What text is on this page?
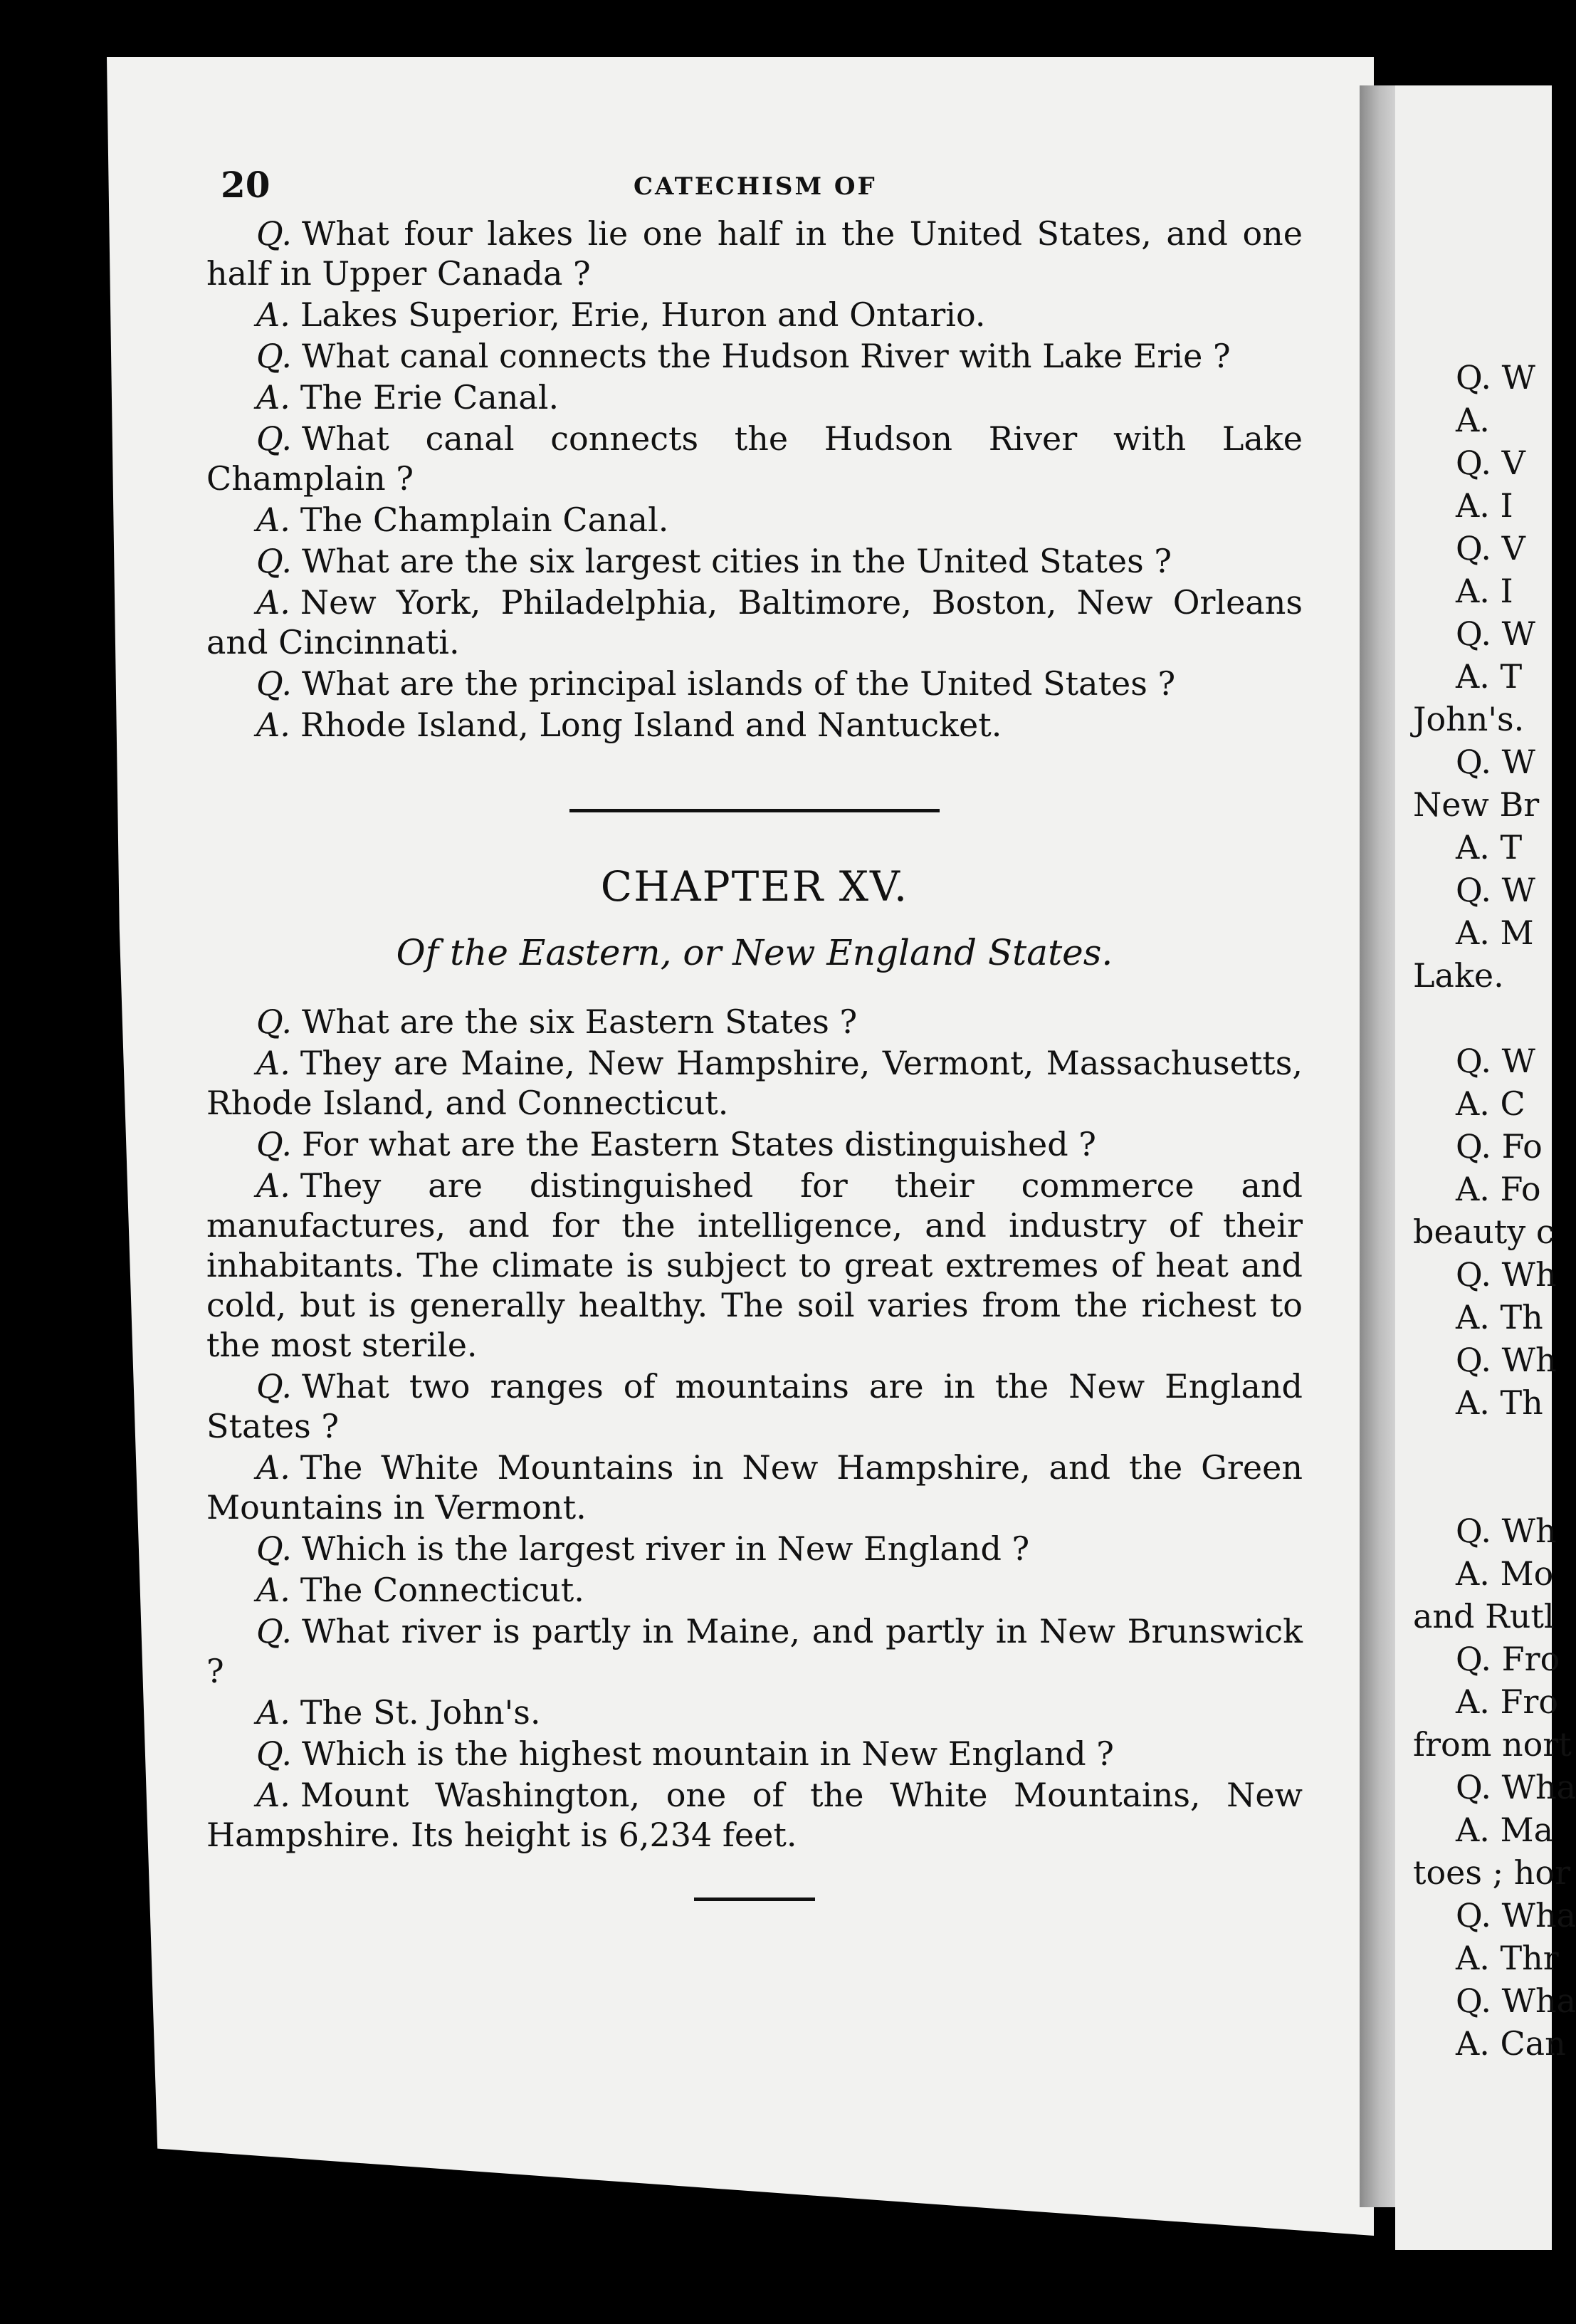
20	CATECHISM OF

Q. What four lakes lie one half in the United States, and one half in Upper Canada ?

A. Lakes Superior, Erie, Huron and Ontario.

Q. What canal connects the Hudson River with Lake Erie ?

A. The Erie Canal.

Q. What canal connects the Hudson River with Lake Champlain ?

A. The Champlain Canal.

Q. What are the six largest cities in the United States ?

A. New York, Philadelphia, Baltimore, Boston, New Orleans and Cincinnati.

Q. What are the principal islands of the United States ?

A. Rhode Island, Long Island and Nantucket.

CHAPTER XV.
Of the Eastern, or New England States.

Q. What are the six Eastern States ?

A. They are Maine, New Hampshire, Vermont, Massachusetts, Rhode Island, and Connecticut.

Q. For what are the Eastern States distinguished ?

A. They are distinguished for their commerce and manufactures, and for the intelligence, and industry of their inhabitants. The climate is subject to great extremes of heat and cold, but is generally healthy. The soil varies from the richest to the most sterile.

Q. What two ranges of mountains are in the New England States ?

A. The White Mountains in New Hampshire, and the Green Mountains in Vermont.

Q. Which is the largest river in New England ?

A. The Connecticut.

Q. What river is partly in Maine, and partly in New Brunswick ?

A. The St. John's.

Q. Which is the highest mountain in New England ?

A. Mount Washington, one of the White Mountains, New Hampshire. Its height is 6,234 feet.

Q. W
A.
Q. V
A. I
Q. V
A. I
Q. W
A. T
John's.
Q. W
New Br
A. T
Q. W
A. M
Lake.

Q. W
A. C
Q. Fo
A. Fo
beauty c
Q. Wh
A. Th
Q. Wh
A. Th

Q. Wh
A. Mo
and Rutl
Q. Fro
A. Fro
from nort
Q. Wha
A. Ma
toes ; hor
Q. Wha
A. Thr
Q. Wha
A. Can
